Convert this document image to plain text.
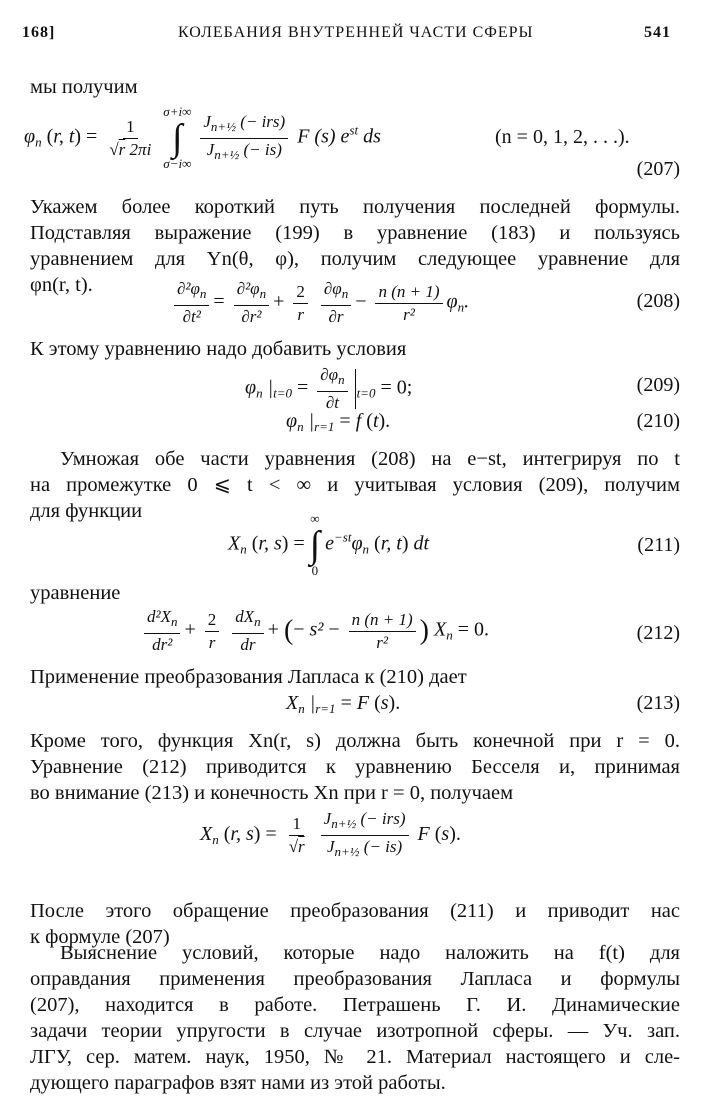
168]	КОЛЕБАНИЯ ВНУТРЕННЕЙ ЧАСТИ СФЕРЫ	541
мы получим
$\varphi_n$ (r, $t) = \frac{1}{√r 2\pi i}$

σ+i∞
∫
σ−i∞
$\frac{J_{n+\frac{1}{2}} (- irs)}{J_{n+\frac{1}{2}} (- is)}$ F (s) $e^{st}$ ds	(n = 0, 1, 2, . . .).
(207)
Укажем более короткий путь получения последней формулы.
Подставляя выражение (199) в уравнение (183) и пользуясь
уравнением для Yn(θ, φ), получим следующее уравнение для
φn(r, t).	$\frac{\partial^2\varphi_n}{\text{∂t²}} = \frac{\partial^2\varphi_n}{\text{∂r²}} + \frac{2}{r}$
$\frac{\partial\varphi_n}{\partial r} - \frac{n (n + 1)}{\text{r²}} \varphi_n$.	(208)
К этому уравнению надо добавить условия
$\varphi_n$ $|_{t=0} = \frac{\partial\varphi_n}{\partial t} _{t=0} = 0$;	(209)
$\varphi_n$ $|_{r=1} = f$ (t).	(210)
Умножая обе части уравнения (208) на e−st, интегрируя по t
на промежутке 0 ⩽ t < ∞ и учитывая условия (209), получим
для функции
$X_n$ (r, s) =
∞
∫
0
$e^{-st}\varphi_n$ (r, t) dt	(211)
уравнение
$\frac{d^2X_n}{\text{dr²}} + \frac{2}{r}$
$\frac{dX_n}{dr}$ + (− $s^2 - \frac{n (n + 1)}{\text{r²}}$ ) $X_n = 0$.	(212)
Применение преобразования Лапласа к (210) дает
$X_n$ $|_{r=1} = F$ (s).	(213)
Кроме того, функция Xn(r, s) должна быть конечной при r = 0.
Уравнение (212) приводится к уравнению Бесселя и, принимая
во внимание (213) и конечность Xn при r = 0, получаем
$X_n$ (r, $s) = \frac{1}{√r}$
$\frac{J_{n+\frac{1}{2}} (- irs)}{J_{n+\frac{1}{2}} (- is)}$ F (s).
После этого обращение преобразования (211) и приводит нас
к формуле (207)
Выяснение условий, которые надо наложить на f(t) для
оправдания применения преобразования Лапласа и формулы
(207), находится в работе. Петрашень Г. И. Динамические
задачи теории упругости в случае изотропной сферы. — Уч. зап.
ЛГУ, сер. матем. наук, 1950, № 21. Материал настоящего и сле-
дующего параграфов взят нами из этой работы.
